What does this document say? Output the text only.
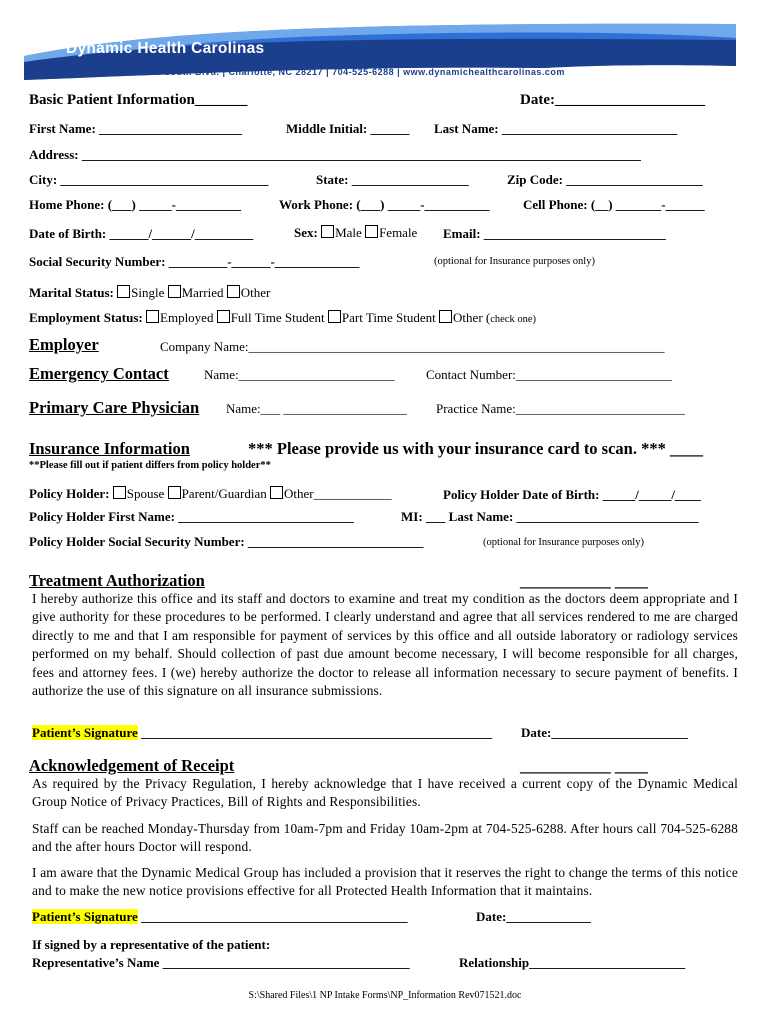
Dynamic Health Carolinas
4705 South Blvd. | Charlotte, NC 28217 | 704-525-6288 | www.dynamichealthcarolinas.com
Basic Patient Information_______	Date:____________________
First Name: ______________________	Middle Initial: ______ Last Name: ___________________________
Address: ______________________________________________________________________________________
City: ________________________________	State: __________________	Zip Code: _____________________
Home Phone: (___) _____-__________	Work Phone: (___) _____-__________	Cell Phone: (__) _______-______
Date of Birth: ______/______/_________	Sex: Male Female Email: ____________________________
Social Security Number: _________-______-_____________	(optional for Insurance purposes only)
Marital Status: Single Married Other
Employment Status: Employed Full Time Student Part Time Student Other (check one)
Employer	Company Name:________________________________________________________________
Emergency Contact	Name:________________________ Contact Number:________________________
Primary Care Physician Name:___ ___________________ Practice Name:__________________________
Insurance Information	*** Please provide us with your insurance card to scan. *** ____
**Please fill out if patient differs from policy holder**
Policy Holder: Spouse Parent/Guardian Other____________	Policy Holder Date of Birth: _____/_____/____
Policy Holder First Name: ___________________________	MI: ___ Last Name: ____________________________
Policy Holder Social Security Number: ___________________________	(optional for Insurance purposes only)
Treatment Authorization	___________ ____
I hereby authorize this office and its staff and doctors to examine and treat my condition as the doctors deem appropriate and I give authority for these procedures to be performed. I clearly understand and agree that all services rendered to me are charged directly to me and that I am responsible for payment of services by this office and all outside laboratory or radiology services performed on my behalf. Should collection of past due amount become necessary, I will become responsible for all charges, fees and attorney fees. I (we) hereby authorize the doctor to release all information necessary to secure payment of benefits. I authorize the use of this signature on all insurance submissions.
Patient’s Signature ______________________________________________________ Date:_____________________
Acknowledgement of Receipt	___________ ____
As required by the Privacy Regulation, I hereby acknowledge that I have received a current copy of the Dynamic Medical Group Notice of Privacy Practices, Bill of Rights and Responsibilities.
Staff can be reached Monday-Thursday from 10am-7pm and Friday 10am-2pm at 704-525-6288. After hours call 704-525-6288 and the after hours Doctor will respond.
I am aware that the Dynamic Medical Group has included a provision that it reserves the right to change the terms of this notice and to make the new notice provisions effective for all Protected Health Information that it maintains.
Patient’s Signature _________________________________________	Date:_____________
If signed by a representative of the patient:
Representative’s Name ______________________________________	Relationship________________________
S:\Shared Files\1 NP Intake Forms\NP_Information Rev071521.doc
